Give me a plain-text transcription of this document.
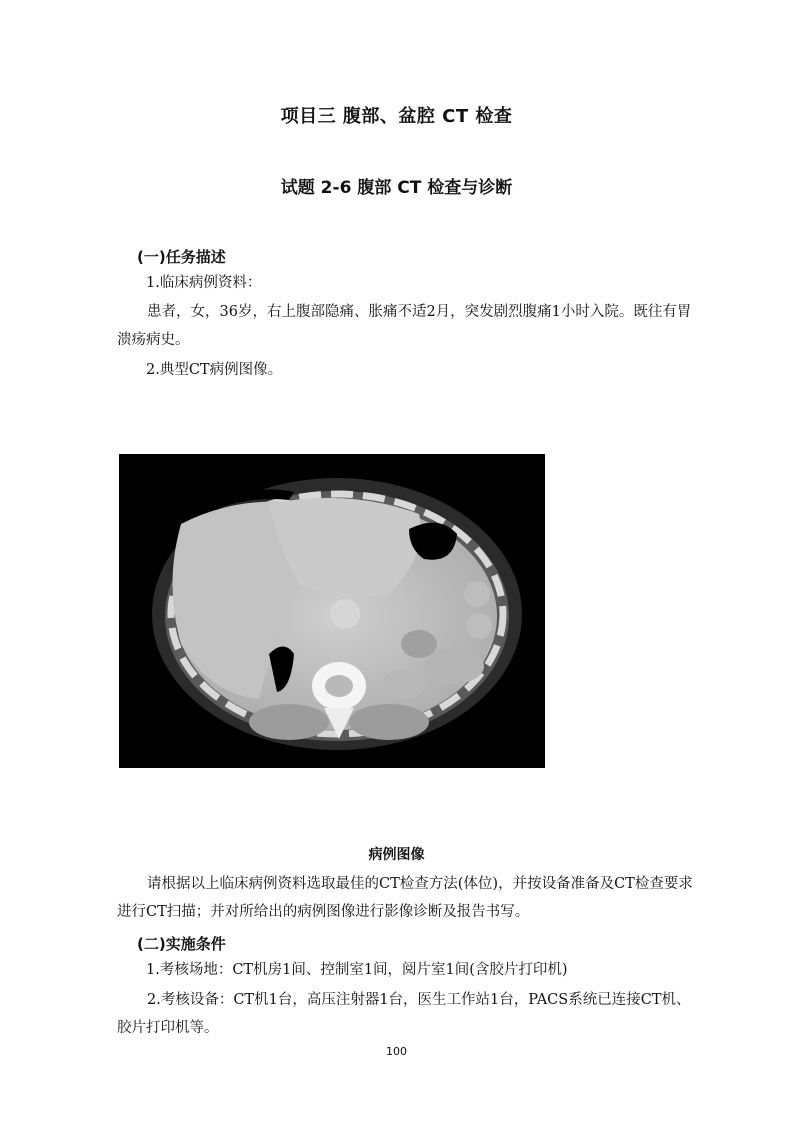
项目三 腹部、盆腔 CT 检查
试题 2-6 腹部 CT 检查与诊断
(一)任务描述
1.临床病例资料：
患者，女，36岁，右上腹部隐痛、胀痛不适2月，突发剧烈腹痛1小时入院。既往有胃溃疡病史。
2.典型CT病例图像。
病例图像
请根据以上临床病例资料选取最佳的CT检查方法(体位)，并按设备准备及CT检查要求进行CT扫描；并对所给出的病例图像进行影像诊断及报告书写。
(二)实施条件
1.考核场地：CT机房1间、控制室1间，阅片室1间(含胶片打印机)
2.考核设备：CT机1台，高压注射器1台，医生工作站1台，PACS系统已连接CT机、胶片打印机等。
100
